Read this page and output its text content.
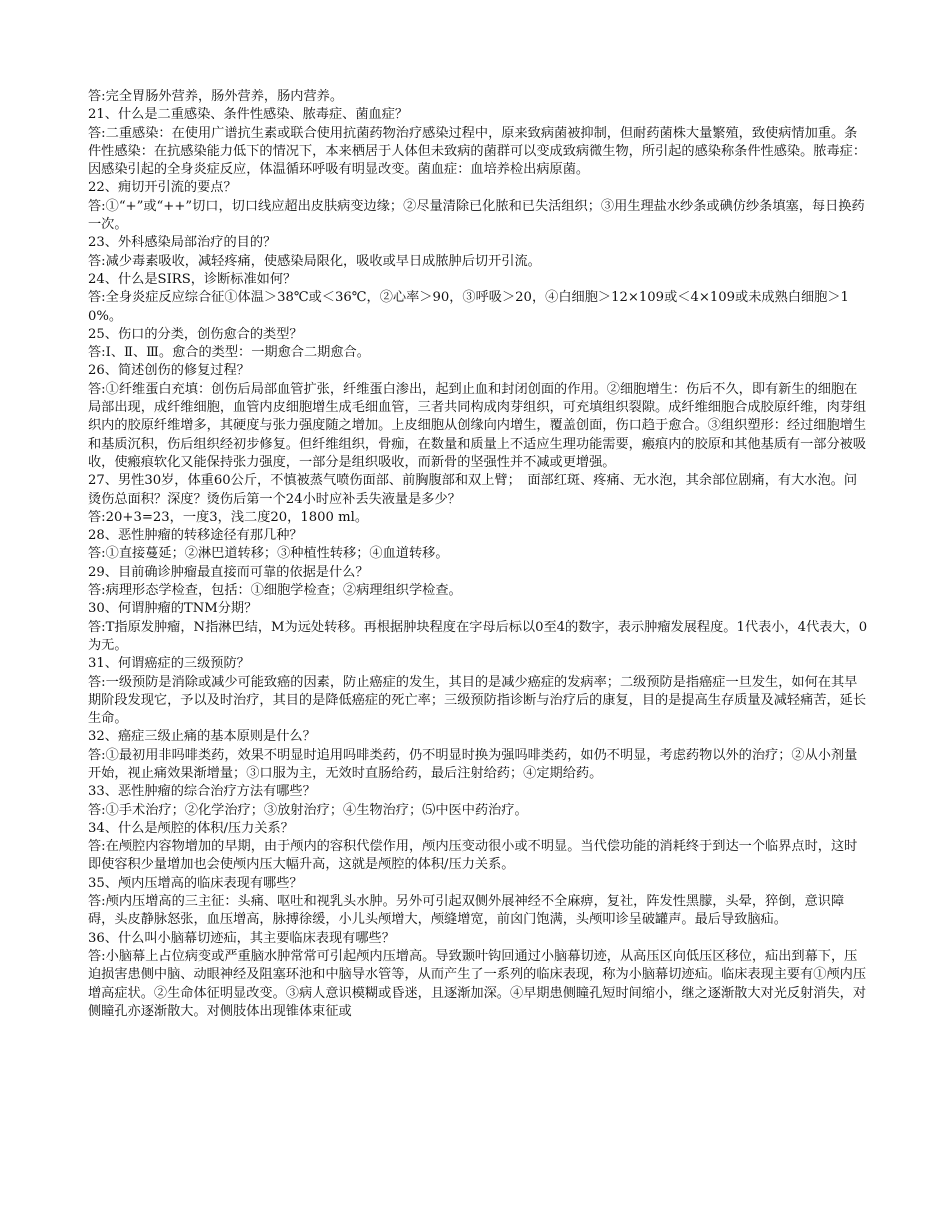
答:完全胃肠外营养，肠外营养，肠内营养。

21、什么是二重感染、条件性感染、脓毒症、菌血症？

答:二重感染：在使用广谱抗生素或联合使用抗菌药物治疗感染过程中，原来致病菌被抑制，但耐药菌株大量繁殖，致使病情加重。条件性感染：在抗感染能力低下的情况下，本来栖居于人体但未致病的菌群可以变成致病微生物，所引起的感染称条件性感染。脓毒症：因感染引起的全身炎症反应，体温循环呼吸有明显改变。菌血症：血培养检出病原菌。

22、痈切开引流的要点？

答:①“+”或“++”切口，切口线应超出皮肤病变边缘；②尽量清除已化脓和已失活组织；③用生理盐水纱条或碘仿纱条填塞，每日换药一次。

23、外科感染局部治疗的目的？

答:减少毒素吸收，减轻疼痛，使感染局限化，吸收或早日成脓肿后切开引流。

24、什么是SIRS，诊断标准如何？

答:全身炎症反应综合征①体温＞38℃或＜36℃，②心率＞90，③呼吸＞20，④白细胞＞12×109或＜4×109或未成熟白细胞＞10%。

25、伤口的分类，创伤愈合的类型？

答:Ⅰ、Ⅱ、Ⅲ。愈合的类型：一期愈合二期愈合。

26、简述创伤的修复过程？

答:①纤维蛋白充填：创伤后局部血管扩张，纤维蛋白渗出，起到止血和封闭创面的作用。②细胞增生：伤后不久，即有新生的细胞在局部出现，成纤维细胞，血管内皮细胞增生成毛细血管，三者共同构成肉芽组织，可充填组织裂隙。成纤维细胞合成胶原纤维，肉芽组织内的胶原纤维增多，其硬度与张力强度随之增加。上皮细胞从创缘向内增生，覆盖创面，伤口趋于愈合。③组织塑形：经过细胞增生和基质沉积，伤后组织经初步修复。但纤维组织，骨痂，在数量和质量上不适应生理功能需要，瘢痕内的胶原和其他基质有一部分被吸收，使瘢痕软化又能保持张力强度，一部分是组织吸收，而新骨的坚强性并不减或更增强。

27、男性30岁，体重60公斤，不慎被蒸气喷伤面部、前胸腹部和双上臂；　面部红斑、疼痛、无水泡，其余部位剧痛，有大水泡。问烫伤总面积？深度？烫伤后第一个24小时应补丢失液量是多少？

答:20+3=23，一度3，浅二度20，1800 ml。

28、恶性肿瘤的转移途径有那几种？

答:①直接蔓延；②淋巴道转移；③种植性转移；④血道转移。

29、目前确诊肿瘤最直接而可靠的依据是什么？

答:病理形态学检查，包括：①细胞学检查；②病理组织学检查。

30、何谓肿瘤的TNM分期？

答:T指原发肿瘤，N指淋巴结，M为远处转移。再根据肿块程度在字母后标以0至4的数字，表示肿瘤发展程度。1代表小，4代表大，0为无。

31、何谓癌症的三级预防？

答:一级预防是消除或减少可能致癌的因素，防止癌症的发生，其目的是减少癌症的发病率；二级预防是指癌症一旦发生，如何在其早期阶段发现它，予以及时治疗，其目的是降低癌症的死亡率；三级预防指诊断与治疗后的康复，目的是提高生存质量及减轻痛苦，延长生命。

32、癌症三级止痛的基本原则是什么？

答:①最初用非吗啡类药，效果不明显时追用吗啡类药，仍不明显时换为强吗啡类药，如仍不明显，考虑药物以外的治疗；②从小剂量开始，视止痛效果渐增量；③口服为主，无效时直肠给药，最后注射给药；④定期给药。

33、恶性肿瘤的综合治疗方法有哪些？

答:①手术治疗；②化学治疗；③放射治疗；④生物治疗；⑸中医中药治疗。

34、什么是颅腔的体积/压力关系？

答:在颅腔内容物增加的早期，由于颅内的容积代偿作用，颅内压变动很小或不明显。当代偿功能的消耗终于到达一个临界点时，这时即使容积少量增加也会使颅内压大幅升高，这就是颅腔的体积/压力关系。

35、颅内压增高的临床表现有哪些？

答:颅内压增高的三主征：头痛、呕吐和视乳头水肿。另外可引起双侧外展神经不全麻痹，复社，阵发性黑朦，头晕，猝倒，意识障碍，头皮静脉怒张，血压增高，脉搏徐缓，小儿头颅增大，颅缝增宽，前囟门饱满，头颅叩诊呈破罐声。最后导致脑疝。

36、什么叫小脑幕切迹疝，其主要临床表现有哪些？

答:小脑幕上占位病变或严重脑水肿常常可引起颅内压增高。导致颞叶钩回通过小脑幕切迹，从高压区向低压区移位，疝出到幕下，压迫损害患侧中脑、动眼神经及阻塞环池和中脑导水管等，从而产生了一系列的临床表现，称为小脑幕切迹疝。临床表现主要有①颅内压增高症状。②生命体征明显改变。③病人意识模糊或昏迷，且逐渐加深。④早期患侧瞳孔短时间缩小，继之逐渐散大对光反射消失，对侧瞳孔亦逐渐散大。对侧肢体出现锥体束征或
